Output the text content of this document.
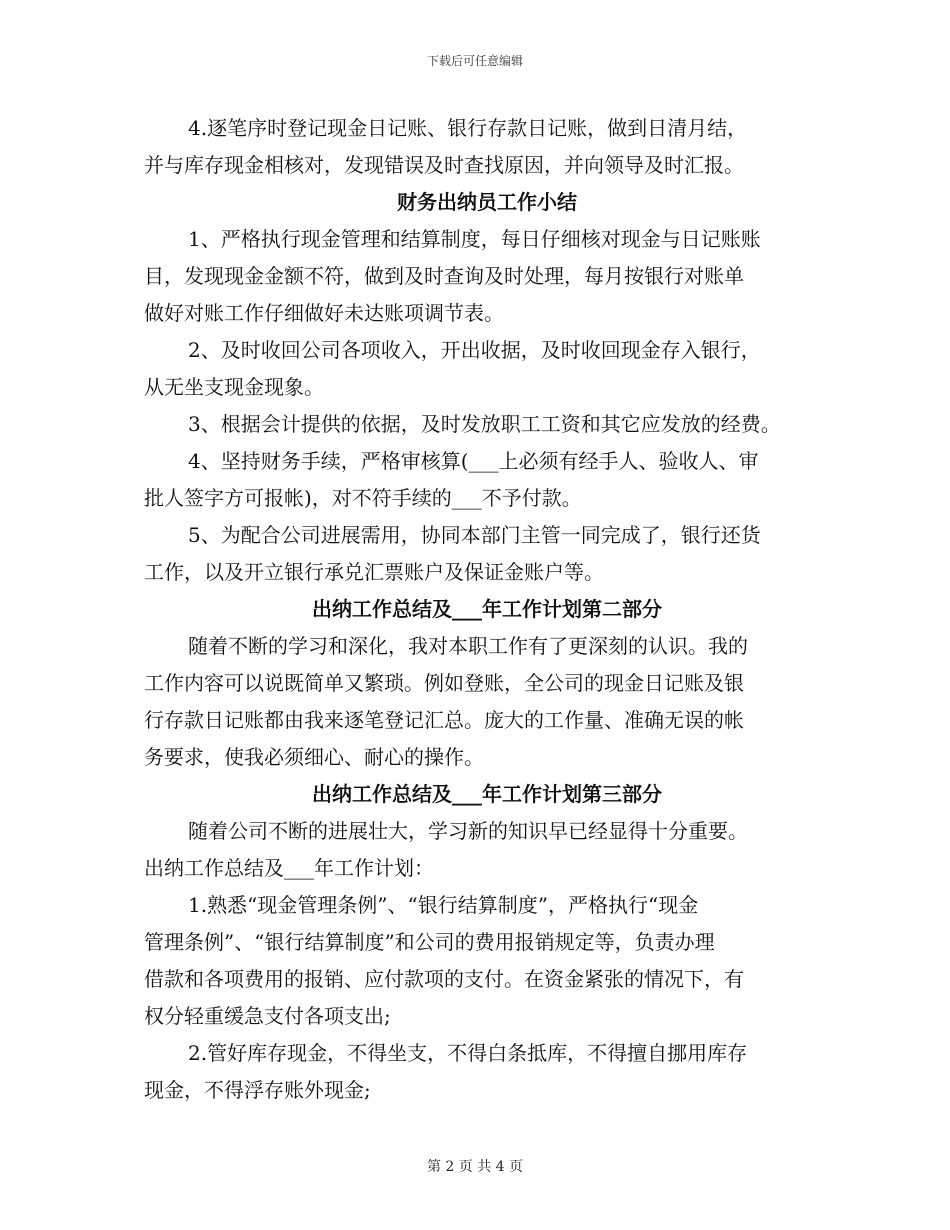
下载后可任意编辑
4.逐笔序时登记现金日记账、银行存款日记账，做到日清月结，
并与库存现金相核对，发现错误及时查找原因，并向领导及时汇报。
财务出纳员工作小结
1、严格执行现金管理和结算制度，每日仔细核对现金与日记账账
目，发现现金金额不符，做到及时查询及时处理，每月按银行对账单
做好对账工作仔细做好未达账项调节表。
2、及时收回公司各项收入，开出收据，及时收回现金存入银行，
从无坐支现金现象。
3、根据会计提供的依据，及时发放职工工资和其它应发放的经费。
4、坚持财务手续，严格审核算(___上必须有经手人、验收人、审
批人签字方可报帐)，对不符手续的___不予付款。
5、为配合公司进展需用，协同本部门主管一同完成了，银行还货
工作，以及开立银行承兑汇票账户及保证金账户等。
出纳工作总结及___年工作计划第二部分
随着不断的学习和深化，我对本职工作有了更深刻的认识。我的
工作内容可以说既简单又繁琐。例如登账，全公司的现金日记账及银
行存款日记账都由我来逐笔登记汇总。庞大的工作量、准确无误的帐
务要求，使我必须细心、耐心的操作。
出纳工作总结及___年工作计划第三部分
随着公司不断的进展壮大，学习新的知识早已经显得十分重要。
出纳工作总结及___年工作计划：
1.熟悉“现金管理条例”、“银行结算制度”，严格执行“现金
管理条例”、“银行结算制度”和公司的费用报销规定等，负责办理
借款和各项费用的报销、应付款项的支付。在资金紧张的情况下，有
权分轻重缓急支付各项支出;
2.管好库存现金，不得坐支，不得白条抵库，不得擅自挪用库存
现金，不得浮存账外现金;
第 2 页 共 4 页
